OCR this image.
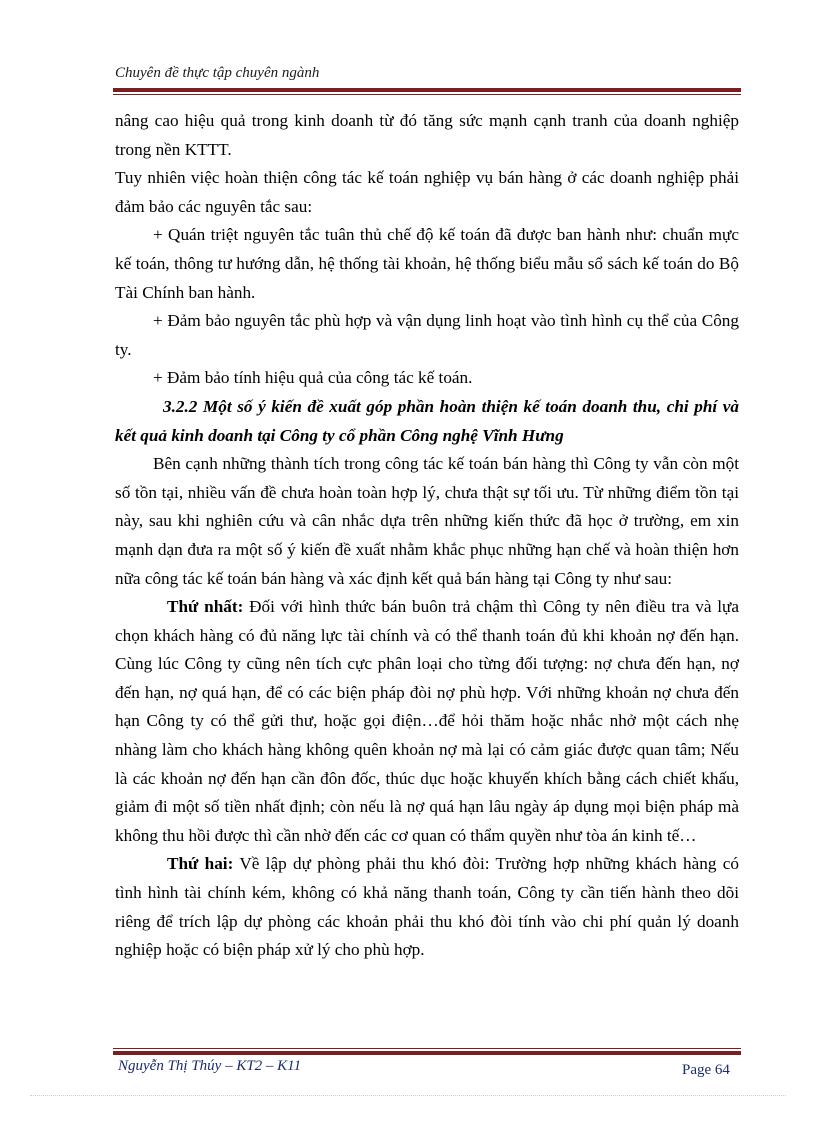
Chuyên đề thực tập chuyên ngành

nâng cao hiệu quả trong kinh doanh từ đó tăng sức mạnh cạnh tranh của doanh nghiệp trong nền KTTT.

Tuy nhiên việc hoàn thiện công tác kế toán nghiệp vụ bán hàng ở các doanh nghiệp phải đảm bảo các nguyên tắc sau:

+ Quán triệt nguyên tắc tuân thủ chế độ kế toán đã được ban hành như: chuẩn mực kế toán, thông tư hướng dẫn, hệ thống tài khoản, hệ thống biểu mẫu sổ sách kế toán do Bộ Tài Chính ban hành.

+ Đảm bảo nguyên tắc phù hợp và vận dụng linh hoạt vào tình hình cụ thể của Công ty.

+ Đảm bảo tính hiệu quả của công tác kế toán.

3.2.2 Một số ý kiến đề xuất góp phần hoàn thiện kế toán doanh thu, chi phí và kết quả kinh doanh tại Công ty cổ phần Công nghệ Vĩnh Hưng

Bên cạnh những thành tích trong công tác kế toán bán hàng thì Công ty vẫn còn một số tồn tại, nhiều vấn đề chưa hoàn toàn hợp lý, chưa thật sự tối ưu. Từ những điểm tồn tại này, sau khi nghiên cứu và cân nhắc dựa trên những kiến thức đã học ở trường, em xin mạnh dạn đưa ra một số ý kiến đề xuất nhằm khắc phục những hạn chế và hoàn thiện hơn nữa công tác kế toán bán hàng và xác định kết quả bán hàng tại Công ty như sau:

Thứ nhất: Đối với hình thức bán buôn trả chậm thì Công ty nên điều tra và lựa chọn khách hàng có đủ năng lực tài chính và có thể thanh toán đủ khi khoản nợ đến hạn. Cùng lúc Công ty cũng nên tích cực phân loại cho từng đối tượng: nợ chưa đến hạn, nợ đến hạn, nợ quá hạn, để có các biện pháp đòi nợ phù hợp. Với những khoản nợ chưa đến hạn Công ty có thể gửi thư, hoặc gọi điện…để hỏi thăm hoặc nhắc nhở một cách nhẹ nhàng làm cho khách hàng không quên khoản nợ mà lại có cảm giác được quan tâm; Nếu là các khoản nợ đến hạn cần đôn đốc, thúc dục hoặc khuyến khích bằng cách chiết khấu, giảm đi một số tiền nhất định; còn nếu là nợ quá hạn lâu ngày áp dụng mọi biện pháp mà không thu hồi được thì cần nhờ đến các cơ quan có thẩm quyền như tòa án kinh tế…

Thứ hai: Về lập dự phòng phải thu khó đòi: Trường hợp những khách hàng có tình hình tài chính kém, không có khả năng thanh toán, Công ty cần tiến hành theo dõi riêng để trích lập dự phòng các khoản phải thu khó đòi tính vào chi phí quản lý doanh nghiệp hoặc có biện pháp xử lý cho phù hợp.

Nguyễn Thị Thúy – KT2 – K11	Page 64
